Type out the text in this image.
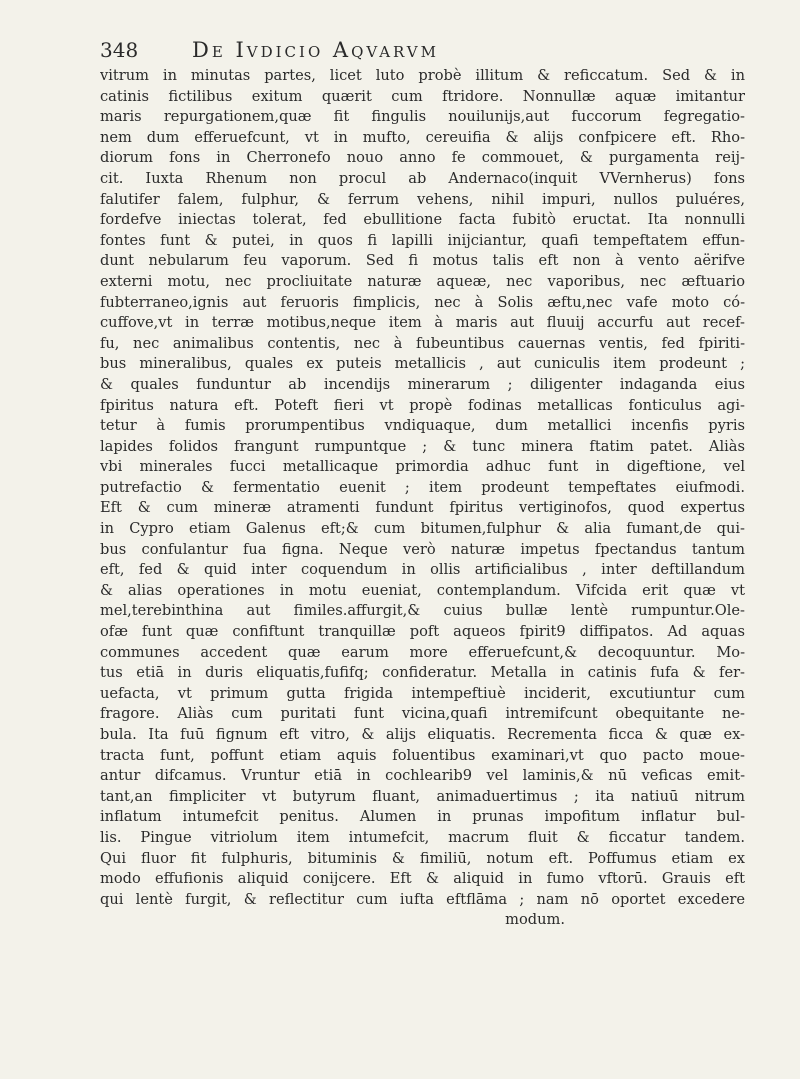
348	De Ivdicio Aqvarvm
vitrum in minutas partes, licet luto probè illitum & reficcatum. Sed & in
catinis fictilibus exitum quærit cum ftridore. Nonnullæ aquæ imitantur
maris repurgationem,quæ fit fingulis nouiluniјs,aut fuccorum fegregatio-
nem dum efferuefcunt, vt in mufto, cereuifia & alijs confpicere eft. Rho-
diorum fons in Cherronefo nouo anno fe commouet, & purgamenta reij-
cit. Iuxta Rhenum non procul ab Andernaco(inquit VVernherus) fons
falutifer falem, fulphur, & ferrum vehens, nihil impuri, nullos puluéres,
fordefve iniectas tolerat, fed ebullitione facta fubitò eructat. Ita nonnulli
fontes funt & putei, in quos fi lapilli inijciantur, quafi tempeftatem effun-
dunt nebularum feu vaporum. Sed fi motus talis eft non à vento aërifve
externi motu, nec procliuitate naturæ aqueæ, nec vaporibus, nec æftuario
fubterraneo,ignis aut feruoris fimplicis, nec à Solis æftu,nec vafe moto có-
cuffove,vt in terræ motibus,neque item à maris aut fluuij accurfu aut recef-
fu, nec animalibus contentis, nec à fubeuntibus cauernas ventis, fed fpiriti-
bus mineralibus, quales ex puteis metallicis , aut cuniculis item prodeunt ;
& quales funduntur ab incendijs minerarum ; diligenter indaganda eius
fpiritus natura eft. Poteft fieri vt propè fodinas metallicas fonticulus agi-
tetur à fumis prorumpentibus vndiquaque, dum metallici incenfis pyris
lapides folidos frangunt rumpuntque ; & tunc minera ftatim patet. Aliàs
vbi minerales fucci metallicaque primordia adhuc funt in digeftione, vel
putrefactio & fermentatio euenit ; item prodeunt tempeftates eiufmodi.
Eft & cum mineræ atramenti fundunt fpiritus vertiginofos, quod expertus
in Cypro etiam Galenus eft;& cum bitumen,fulphur & alia fumant,de qui-
bus confulantur fua figna. Neque verò naturæ impetus fpectandus tantum
eft, fed & quid inter coquendum in ollis artificialibus , inter deftillandum
& alias operationes in motu eueniat, contemplandum. Vifcida erit quæ vt
mel,terebinthina aut fimiles.affurgit,& cuius bullæ lentè rumpuntur.Ole-
ofæ funt quæ confiftunt tranquillæ poft aqueos fpirit9 diffipatos. Ad aquas
communes accedent quæ earum more efferuefcunt,& decoquuntur. Mo-
tus etiā in duris eliquatis,fufifq; confideratur. Metalla in catinis fufa & fer-
uefacta, vt primum gutta frigida intempeftiuè inciderit, excutiuntur cum
fragore. Aliàs cum puritati funt vicina,quafi intremifcunt obequitante ne-
bula. Ita fuū fignum eft vitro, & alijs eliquatis. Recrementa ficca & quæ ex-
tracta funt, poffunt etiam aquis foluentibus examinari,vt quo pacto moue-
antur difcamus. Vruntur etiā in cochlearib9 vel laminis,& nū veficas emit-
tant,an fimpliciter vt butyrum fluant, animaduertimus ; ita natiuū nitrum
inflatum intumefcit penitus. Alumen in prunas impofitum inflatur bul-
lis. Pingue vitriolum item intumefcit, macrum fluit & ficcatur tandem.
Qui fluor fit fulphuris, bituminis & fimiliū, notum eft. Poffumus etiam ex
modo effufionis aliquid conijcere. Eft & aliquid in fumo vftorū. Grauis eft
qui lentè furgit, & reflectitur cum iufta eftflāma ; nam nō oportet excedere
modum.
